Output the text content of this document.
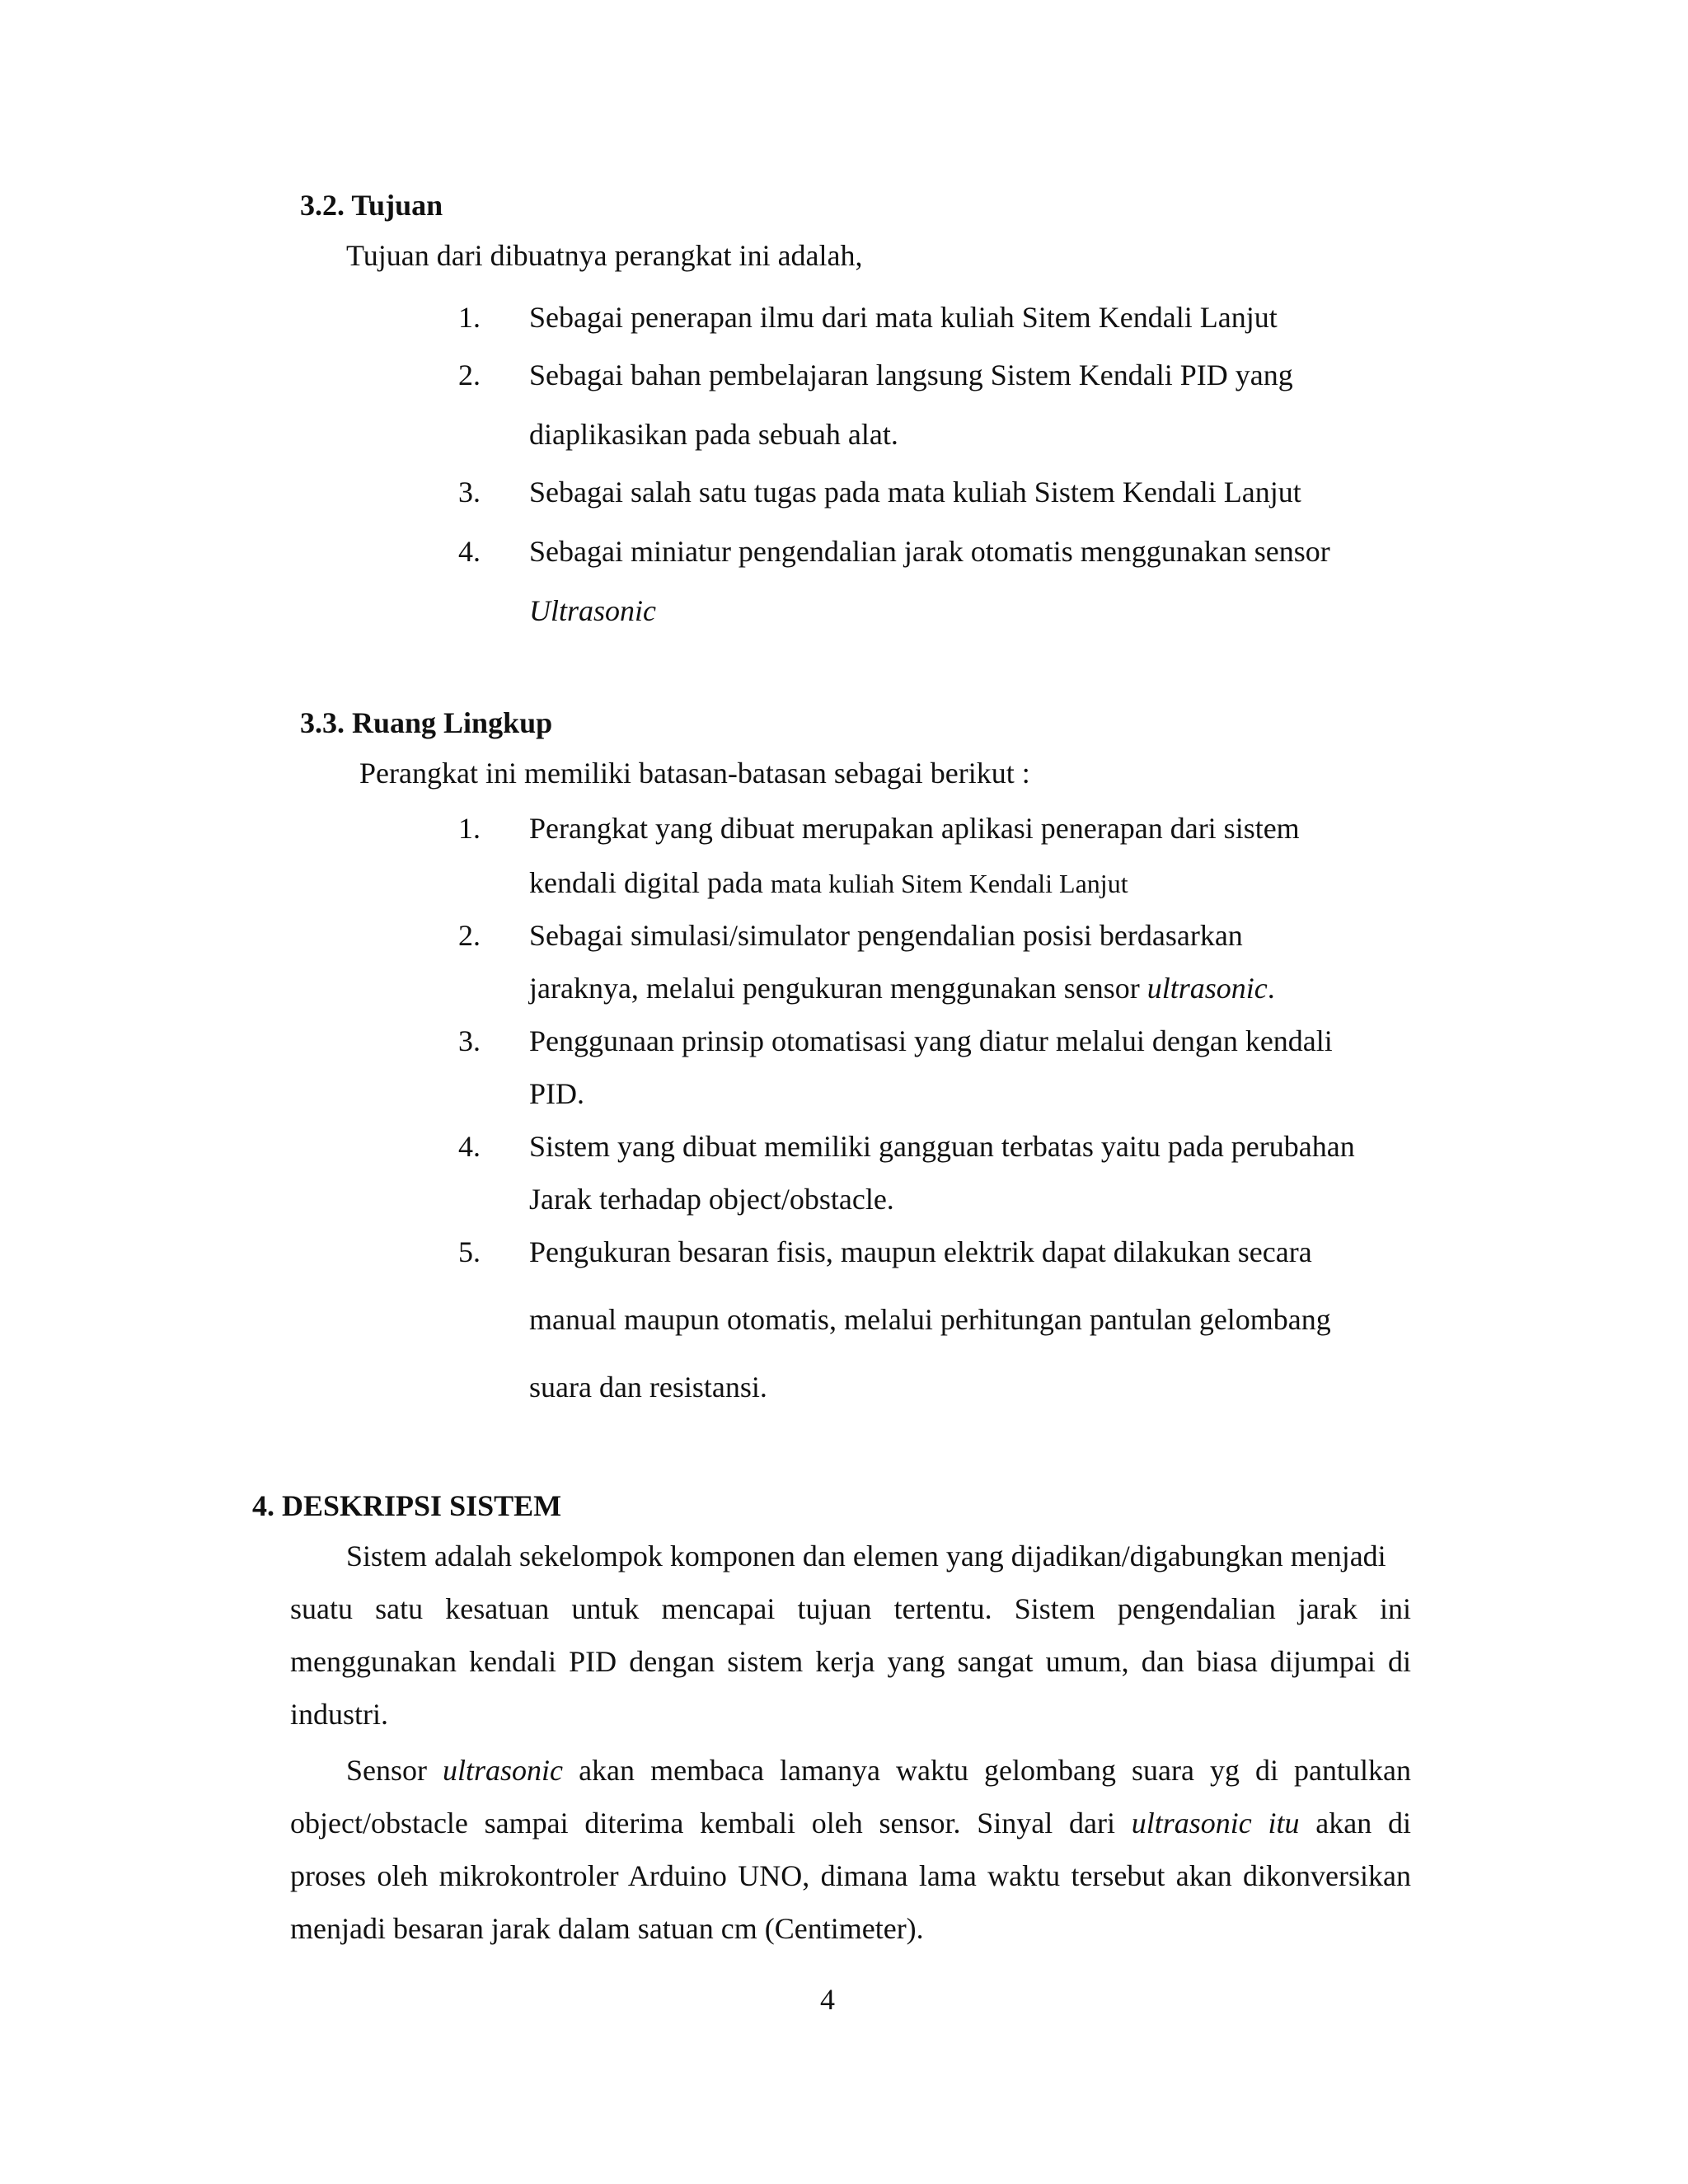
3.2. Tujuan
Tujuan dari dibuatnya perangkat ini adalah,
1. Sebagai penerapan ilmu dari mata kuliah Sitem Kendali Lanjut
2. Sebagai bahan pembelajaran langsung Sistem Kendali PID yang
diaplikasikan pada sebuah alat.
3. Sebagai salah satu tugas pada mata kuliah Sistem Kendali Lanjut
4. Sebagai miniatur pengendalian jarak otomatis menggunakan sensor
Ultrasonic
3.3. Ruang Lingkup
Perangkat ini memiliki batasan-batasan sebagai berikut :
1. Perangkat yang dibuat merupakan aplikasi penerapan dari sistem
kendali digital pada mata kuliah Sitem Kendali Lanjut
2. Sebagai simulasi/simulator pengendalian posisi berdasarkan
jaraknya, melalui pengukuran menggunakan sensor ultrasonic.
3. Penggunaan prinsip otomatisasi yang diatur melalui dengan kendali
PID.
4. Sistem yang dibuat memiliki gangguan terbatas yaitu pada perubahan
Jarak terhadap object/obstacle.
5. Pengukuran besaran fisis, maupun elektrik dapat dilakukan secara
manual maupun otomatis, melalui perhitungan pantulan gelombang
suara dan resistansi.
4. DESKRIPSI SISTEM
Sistem adalah sekelompok komponen dan elemen yang dijadikan/digabungkan menjadi
suatu satu kesatuan untuk mencapai tujuan tertentu. Sistem pengendalian jarak ini
menggunakan kendali PID dengan sistem kerja yang sangat umum, dan biasa dijumpai di
industri.
Sensor ultrasonic akan membaca lamanya waktu gelombang suara yg di pantulkan
object/obstacle sampai diterima kembali oleh sensor. Sinyal dari ultrasonic itu akan di
proses oleh mikrokontroler Arduino UNO, dimana lama waktu tersebut akan dikonversikan
menjadi besaran jarak dalam satuan cm (Centimeter).
4
